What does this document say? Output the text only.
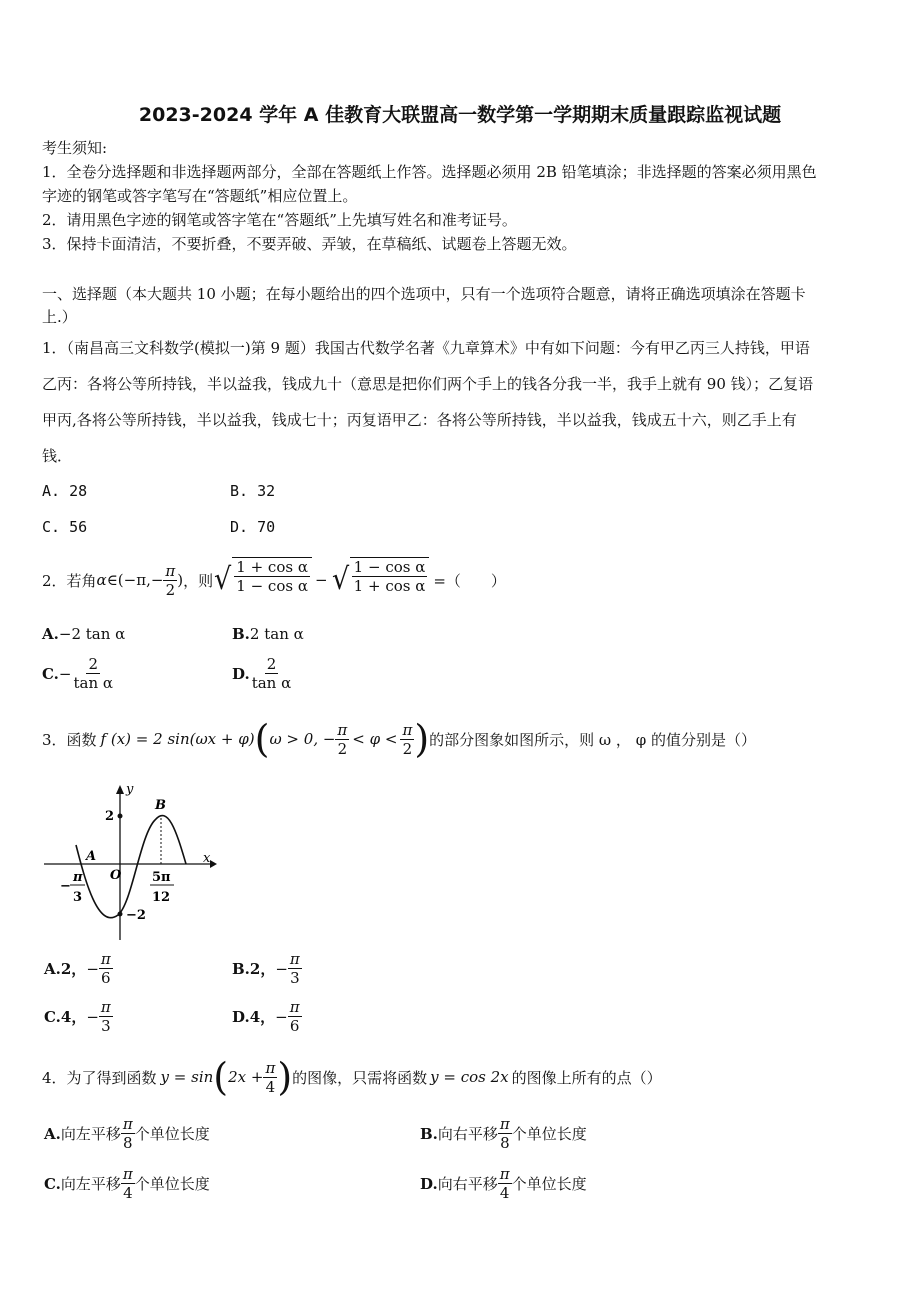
2023-2024 学年 A 佳教育大联盟高一数学第一学期期末质量跟踪监视试题
考生须知:
1．全卷分选择题和非选择题两部分，全部在答题纸上作答。选择题必须用 2B 铅笔填涂；非选择题的答案必须用黑色
字迹的钢笔或答字笔写在“答题纸”相应位置上。
2．请用黑色字迹的钢笔或答字笔在“答题纸”上先填写姓名和准考证号。
3．保持卡面清洁，不要折叠，不要弄破、弄皱，在草稿纸、试题卷上答题无效。
一、选择题（本大题共 10 小题；在每小题给出的四个选项中，只有一个选项符合题意，请将正确选项填涂在答题卡
上.）
1．（南昌高三文科数学(模拟一)第 9 题）我国古代数学名著《九章算术》中有如下问题：今有甲乙丙三人持钱，甲语
乙丙：各将公等所持钱，半以益我，钱成九十（意思是把你们两个手上的钱各分我一半，我手上就有 90 钱）；乙复语
甲丙,各将公等所持钱，半以益我，钱成七十；丙复语甲乙：各将公等所持钱，半以益我，钱成五十六，则乙手上有
钱．
A. 28	B. 32
C. 56	D. 70
2．若角 α ∈ ($-\pi,- \frac{\pi}{2}$ ) ，则 √ $\frac{\text{1 + cos α}}{\text{1 − cos α}}$ − √ $\frac{\text{1 − cos α}}{\text{1 + cos α}}$ =（　　）
A.−2 tan α	B.2 tan α
C. − $\frac{2}{\text{tan α}}$	D. $\frac{2}{\text{tan α}}$
3．函数 f (x) = 2 sin(ωx + φ) ( ω > 0, − $\frac{\pi}{2} < \varphi < \frac{\pi}{2}$ ) 的部分图象如图所示，则 ω ， φ 的值分别是（）
y
x
2
−2
B
A
O
−
π
3
5π
12
A.2， − $\frac{\pi}{6}$	B.2， − $\frac{\pi}{3}$
C.4， − $\frac{\pi}{3}$	D.4， − $\frac{\pi}{6}$
4．为了得到函数 y = sin ( $2x + \frac{\pi}{4}$ ) 的图像，只需将函数 y = cos 2x 的图像上所有的点（）
A. 向左平移 $\frac{\pi}{8}$ 个单位长度	B. 向右平移 $\frac{\pi}{8}$ 个单位长度
C. 向左平移 $\frac{\pi}{4}$ 个单位长度	D. 向右平移 $\frac{\pi}{4}$ 个单位长度
